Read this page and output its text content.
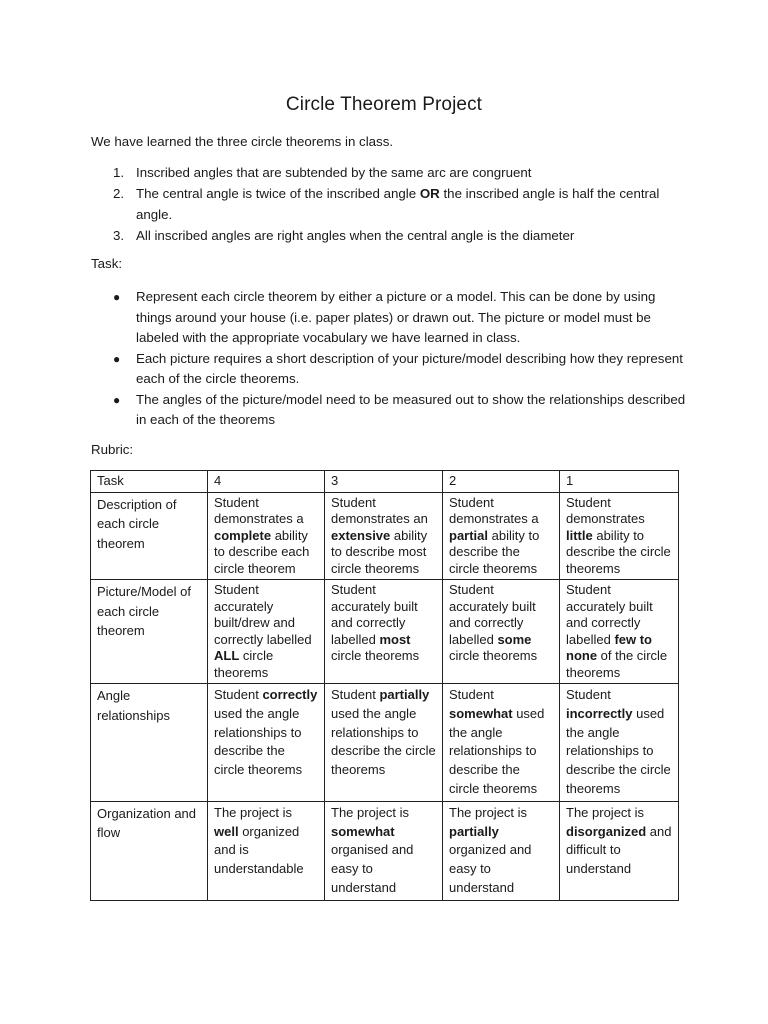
Circle Theorem Project

We have learned the three circle theorems in class.

1. Inscribed angles that are subtended by the same arc are congruent
2. The central angle is twice of the inscribed angle OR the inscribed angle is half the central angle.
3. All inscribed angles are right angles when the central angle is the diameter

Task:

● Represent each circle theorem by either a picture or a model. This can be done by using things around your house (i.e. paper plates) or drawn out. The picture or model must be labeled with the appropriate vocabulary we have learned in class.
● Each picture requires a short description of your picture/model describing how they represent each of the circle theorems.
● The angles of the picture/model need to be measured out to show the relationships described in each of the theorems

Rubric:

Task	4	3	2	1
Description of each circle theorem	Student demonstrates a complete ability to describe each circle theorem	Student demonstrates an extensive ability to describe most circle theorems	Student demonstrates a partial ability to describe the circle theorems	Student demonstrates little ability to describe the circle theorems
Picture/Model of each circle theorem	Student accurately built/drew and correctly labelled ALL circle theorems	Student accurately built and correctly labelled most circle theorems	Student accurately built and correctly labelled some circle theorems	Student accurately built and correctly labelled few to none of the circle theorems
Angle relationships	Student correctly used the angle relationships to describe the circle theorems	Student partially used the angle relationships to describe the circle theorems	Student somewhat used the angle relationships to describe the circle theorems	Student incorrectly used the angle relationships to describe the circle theorems
Organization and flow	The project is well organized and is understandable	The project is somewhat organised and easy to understand	The project is partially organized and easy to understand	The project is disorganized and difficult to understand
